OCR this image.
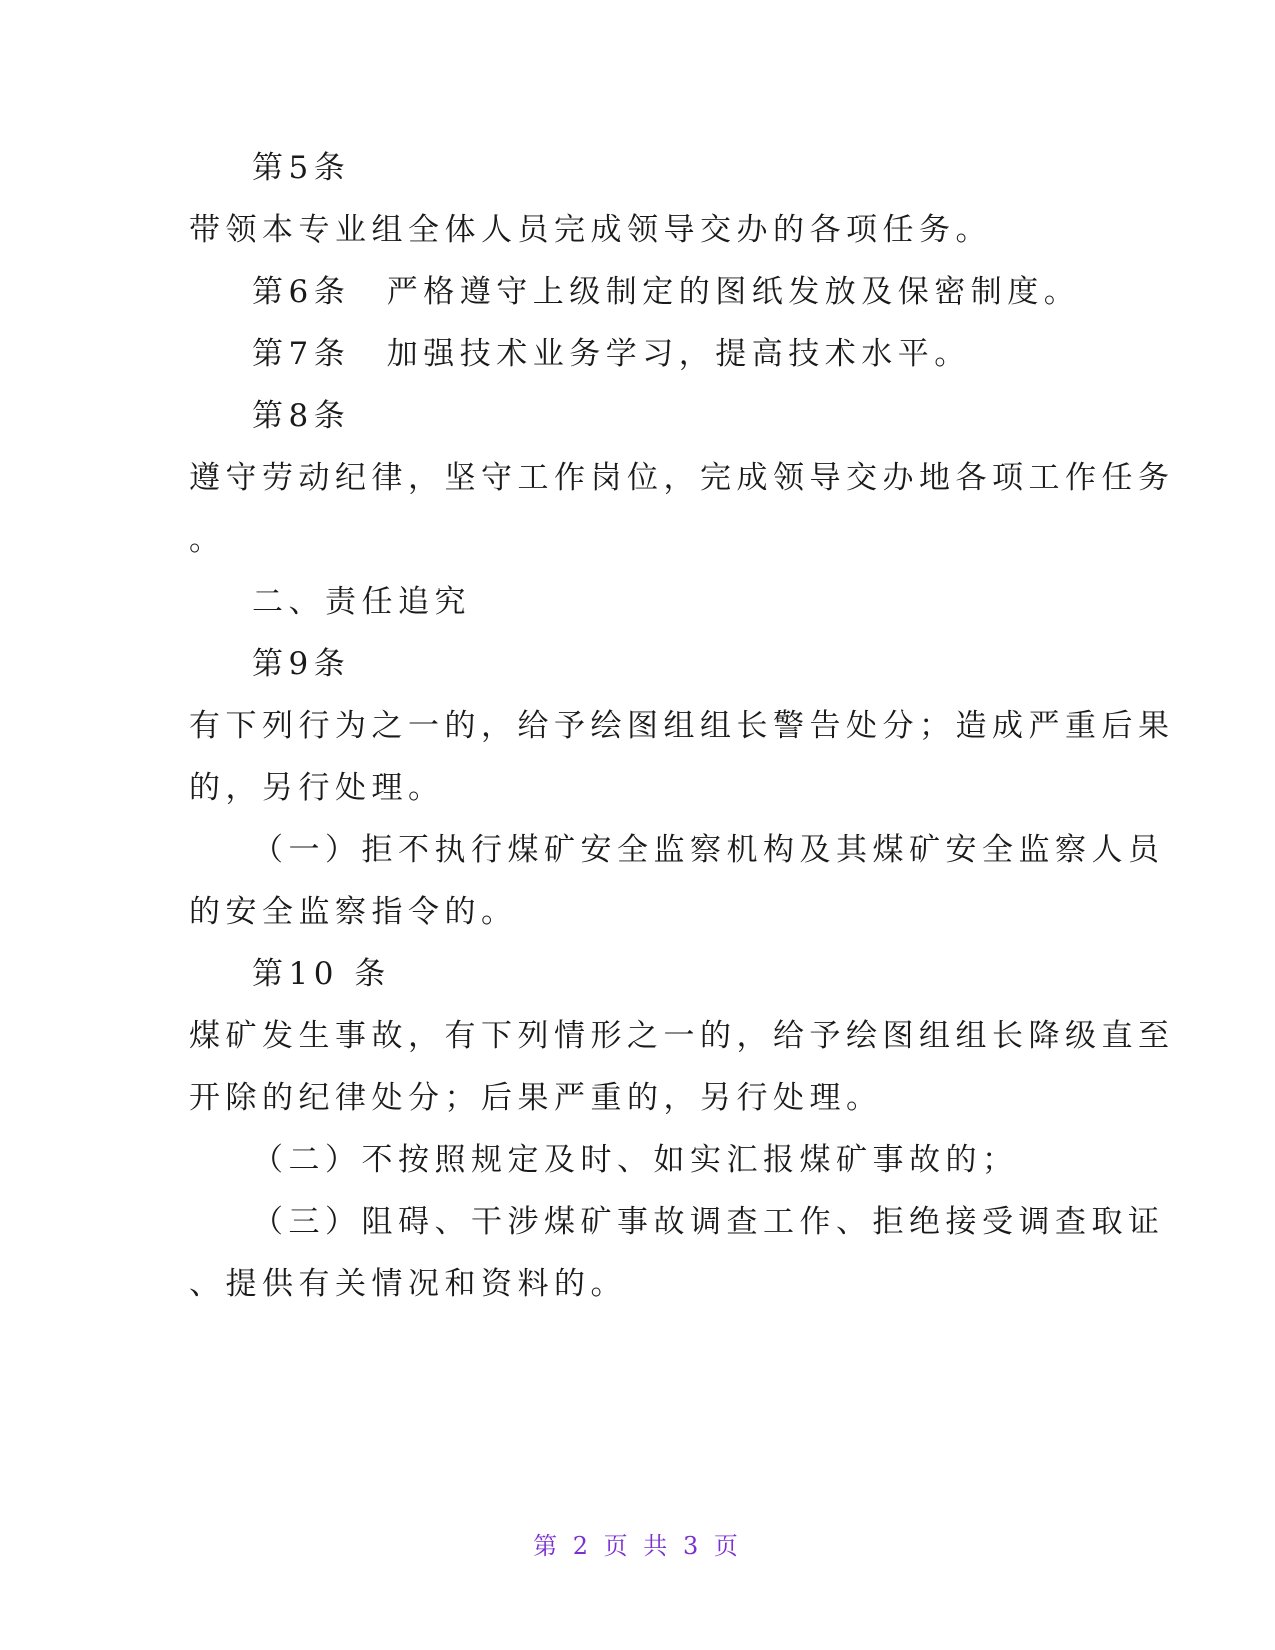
第5条
带领本专业组全体人员完成领导交办的各项任务。
第6条　严格遵守上级制定的图纸发放及保密制度。
第7条　加强技术业务学习，提高技术水平。
第8条
遵守劳动纪律，坚守工作岗位，完成领导交办地各项工作任务
。
二、责任追究
第9条
有下列行为之一的，给予绘图组组长警告处分；造成严重后果
的，另行处理。
（一）拒不执行煤矿安全监察机构及其煤矿安全监察人员
的安全监察指令的。
第10 条
煤矿发生事故，有下列情形之一的，给予绘图组组长降级直至
开除的纪律处分；后果严重的，另行处理。
（二）不按照规定及时、如实汇报煤矿事故的；
（三）阻碍、干涉煤矿事故调查工作、拒绝接受调查取证
、提供有关情况和资料的。
第 2 页 共 3 页
